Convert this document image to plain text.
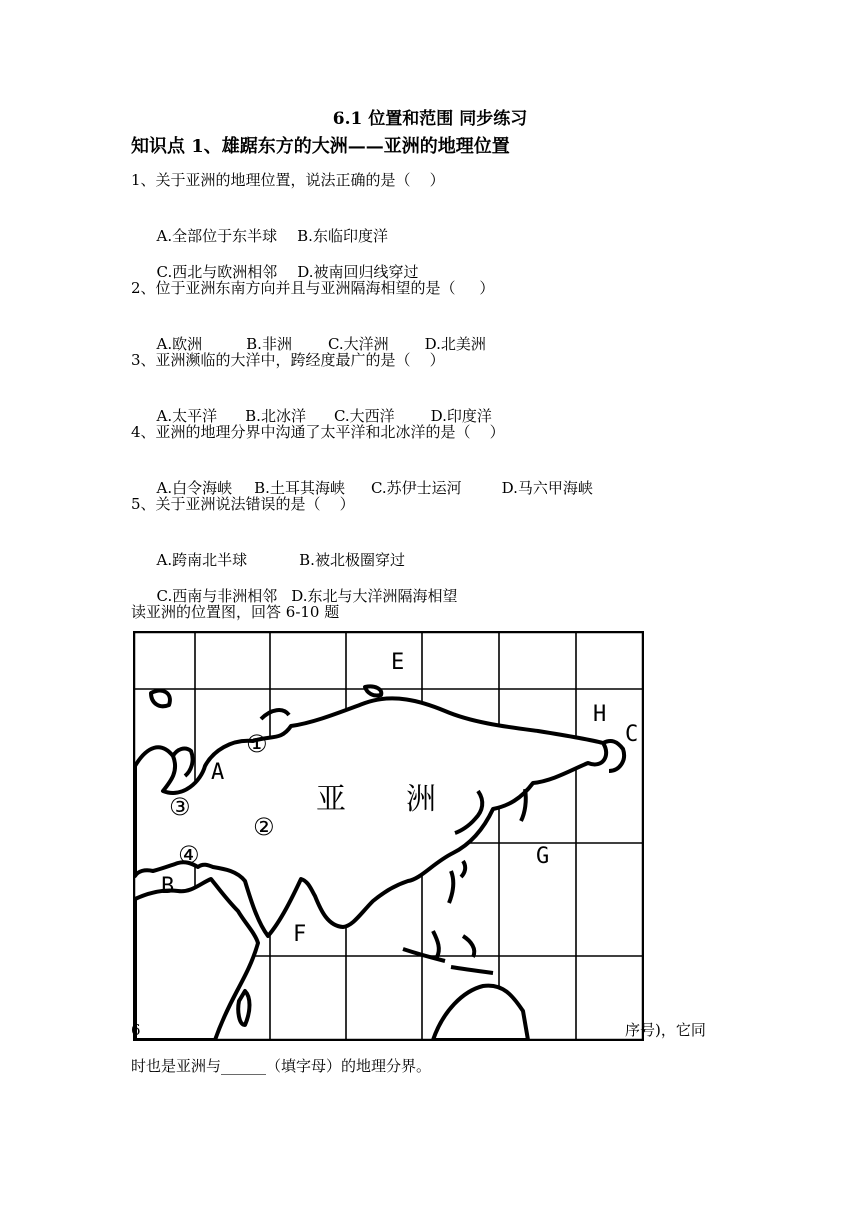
6.1 位置和范围 同步练习
知识点 1、雄踞东方的大洲——亚洲的地理位置
1、关于亚洲的地理位置，说法正确的是（    ）

A.全部位于东半球 B.东临印度洋

C.西北与欧洲相邻 D.被南回归线穿过

2、位于亚洲东南方向并且与亚洲隔海相望的是（     ）

A.欧洲	B.非洲 C.大洋洲 D.北美洲

3、亚洲濒临的大洋中，跨经度最广的是（    ）

A.太平洋 B.北冰洋 C.大西洋 D.印度洋

4、亚洲的地理分界中沟通了太平洋和北冰洋的是（    ）

A.白令海峡 B.土耳其海峡 C.苏伊士运河	D.马六甲海峡

5、关于亚洲说法错误的是（    ）

A.跨南北半球	B.被北极圈穿过

C.西南与非洲相邻 D.东北与大洋洲隔海相望

读亚洲的位置图，回答 6-10 题
亚　　洲
E
H
C
A
B
F
G
①
②
③
④
6	序号)，它同
时也是亚洲与______（填字母）的地理分界。
